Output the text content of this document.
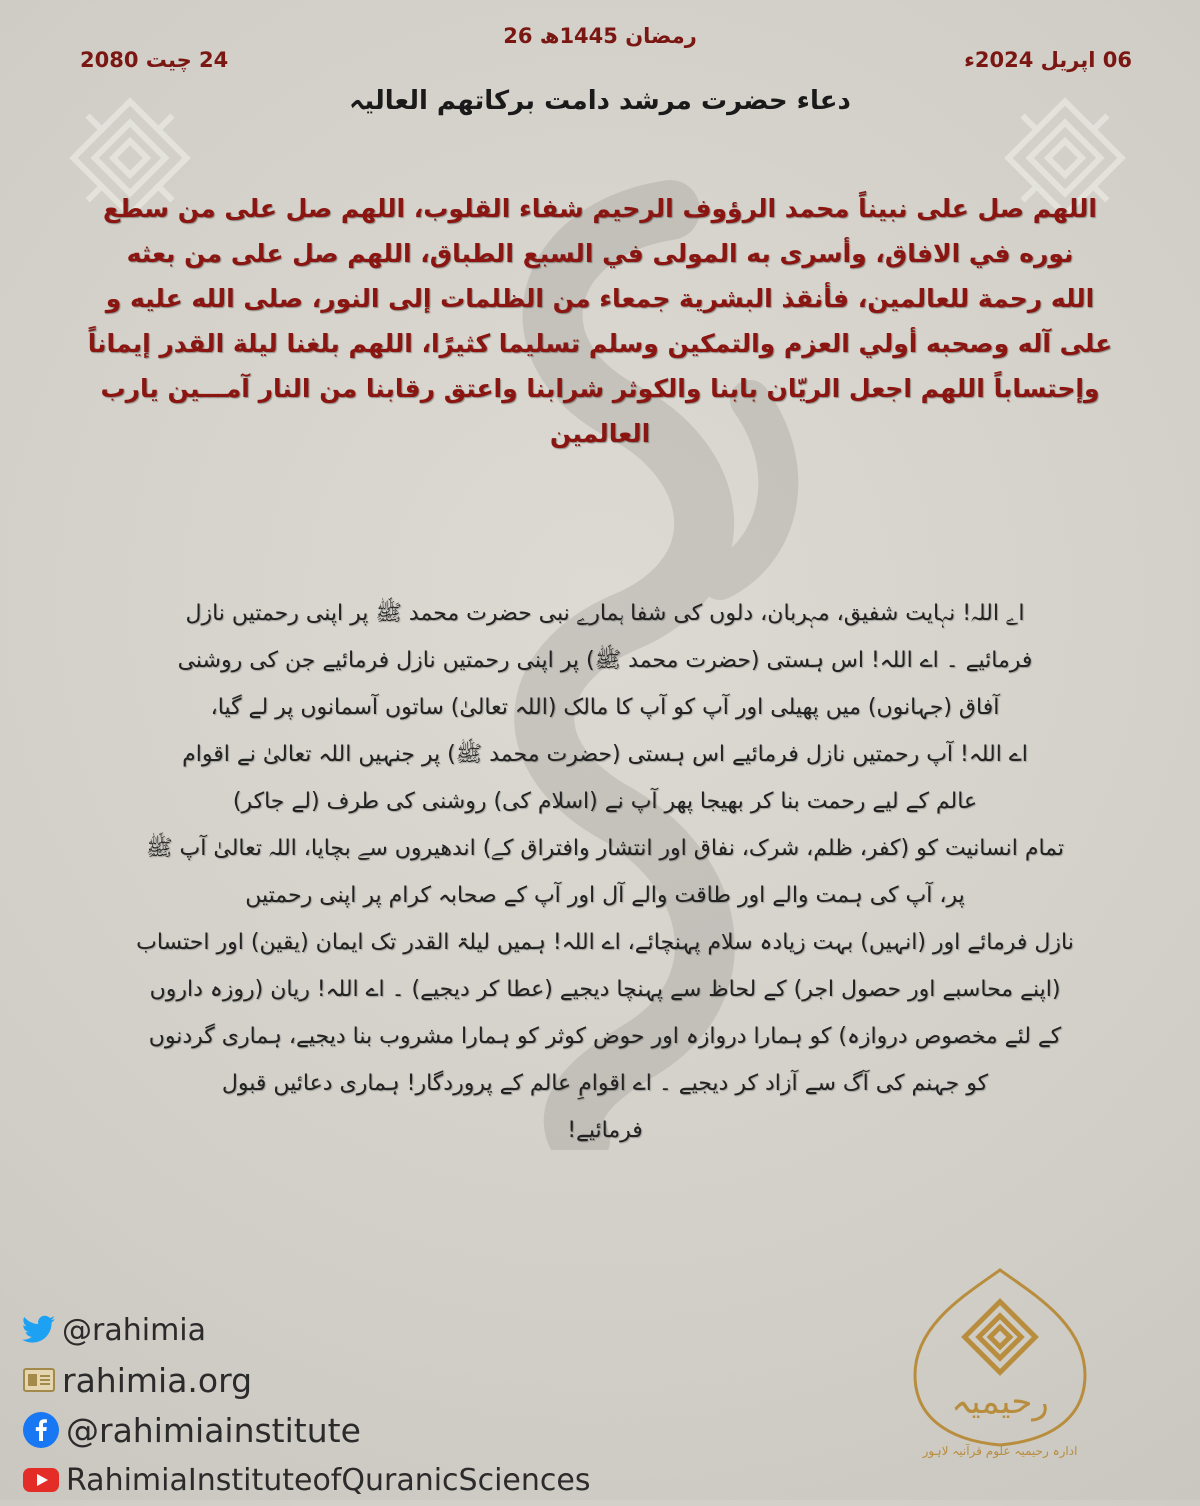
26 رمضان 1445ھ
06 اپریل 2024ء
24 چیت 2080
دعاء حضرت مرشد دامت برکاتھم العالیہ

اللهم صل على نبيناً محمد الرؤوف الرحيم شفاء القلوب، اللهم صل على من سطع

نوره في الافاق، وأسرى به المولى في السبع الطباق، اللهم صل على من بعثه

الله رحمة للعالمين، فأنقذ البشرية جمعاء من الظلمات إلى النور، صلى الله عليه و

على آله وصحبه أولي العزم والتمكين وسلم تسليما كثيرًا، اللهم بلغنا ليلة القدر إيماناً

وإحتساباً اللهم اجعل الريّان بابنا والكوثر شرابنا واعتق رقابنا من النار آمـــين يارب

العالمين

اے اللہ! نہایت شفیق، مہربان، دلوں کی شفا ہمارے نبی حضرت محمد ﷺ پر اپنی رحمتیں نازل

فرمائیے ۔ اے اللہ! اس ہستی (حضرت محمد ﷺ) پر اپنی رحمتیں نازل فرمائیے جن کی روشنی

آفاق (جہانوں) میں پھیلی اور آپ کو آپ کا مالک (اللہ تعالیٰ) ساتوں آسمانوں پر لے گیا،

اے اللہ! آپ رحمتیں نازل فرمائیے اس ہستی (حضرت محمد ﷺ) پر جنہیں اللہ تعالیٰ نے اقوام

عالم کے لیے رحمت بنا کر بھیجا پھر آپ نے (اسلام کی) روشنی کی طرف (لے جاکر)

تمام انسانیت کو (کفر، ظلم، شرک، نفاق اور انتشار وافتراق کے) اندھیروں سے بچایا، اللہ تعالیٰ آپ ﷺ

پر، آپ کی ہمت والے اور طاقت والے آل اور آپ کے صحابہ کرام پر اپنی رحمتیں

نازل فرمائے اور (انہیں) بہت زیادہ سلام پہنچائے، اے اللہ! ہمیں لیلۃ القدر تک ایمان (یقین) اور احتساب

(اپنے محاسبے اور حصول اجر) کے لحاظ سے پہنچا دیجیے (عطا کر دیجیے) ۔ اے اللہ! ریان (روزہ داروں

کے لئے مخصوص دروازہ) کو ہمارا دروازہ اور حوض کوثر کو ہمارا مشروب بنا دیجیے، ہماری گردنوں

کو جہنم کی آگ سے آزاد کر دیجیے ۔ اے اقوامِ عالم کے پروردگار! ہماری دعائیں قبول

فرمائیے!

@rahimia
rahimia.org
@rahimiainstitute
RahimiaInstituteofQuranicSciences
رحیمیہ
ادارہ رحیمیہ علوم قرآنیہ لاہور
